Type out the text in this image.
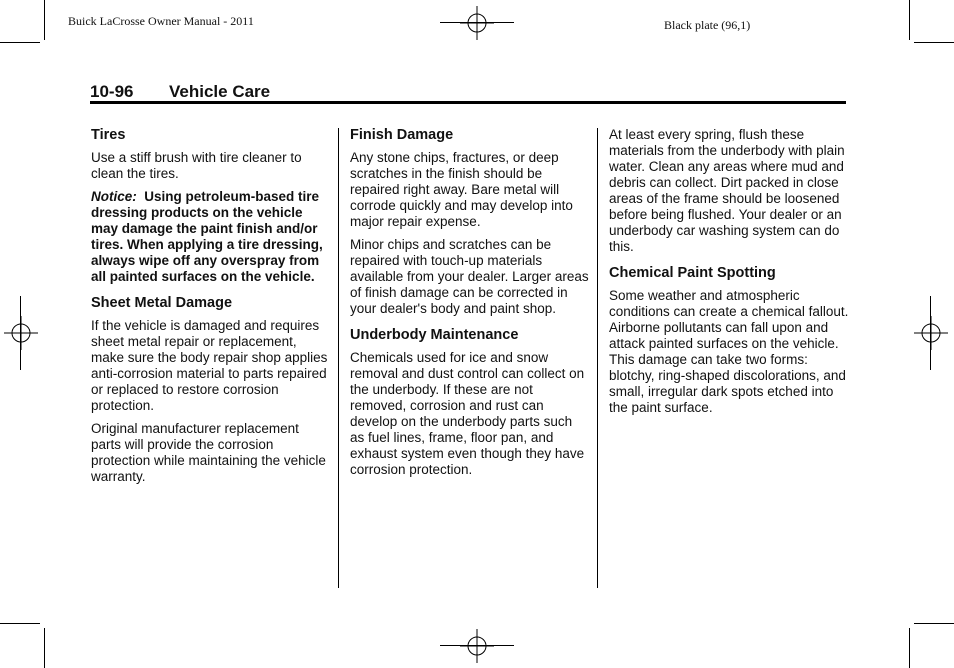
Buick LaCrosse Owner Manual - 2011	Black plate (96,1)
10-96 Vehicle Care
Tires

Use a stiff brush with tire cleaner to clean the tires.

Notice: Using petroleum-based tire dressing products on the vehicle may damage the paint finish and/or tires. When applying a tire dressing, always wipe off any overspray from all painted surfaces on the vehicle.

Sheet Metal Damage

If the vehicle is damaged and requires sheet metal repair or replacement, make sure the body repair shop applies anti-corrosion material to parts repaired or replaced to restore corrosion protection.

Original manufacturer replacement parts will provide the corrosion protection while maintaining the vehicle warranty.

Finish Damage

Any stone chips, fractures, or deep scratches in the finish should be repaired right away. Bare metal will corrode quickly and may develop into major repair expense.

Minor chips and scratches can be repaired with touch-up materials available from your dealer. Larger areas of finish damage can be corrected in your dealer's body and paint shop.

Underbody Maintenance

Chemicals used for ice and snow removal and dust control can collect on the underbody. If these are not removed, corrosion and rust can develop on the underbody parts such as fuel lines, frame, floor pan, and exhaust system even though they have corrosion protection.

At least every spring, flush these materials from the underbody with plain water. Clean any areas where mud and debris can collect. Dirt packed in close areas of the frame should be loosened before being flushed. Your dealer or an underbody car washing system can do this.

Chemical Paint Spotting

Some weather and atmospheric conditions can create a chemical fallout. Airborne pollutants can fall upon and attack painted surfaces on the vehicle. This damage can take two forms: blotchy, ring-shaped discolorations, and small, irregular dark spots etched into the paint surface.
